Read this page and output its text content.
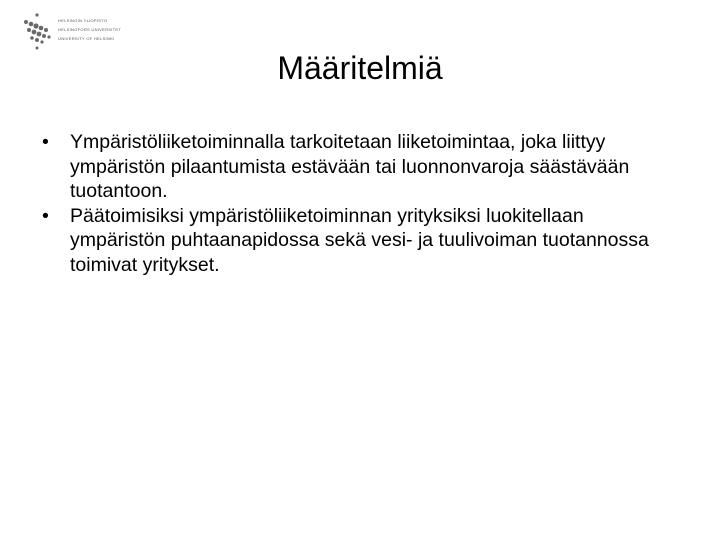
HELSINGIN YLIOPISTO
HELSINGFORS UNIVERSITET
UNIVERSITY OF HELSINKI
Määritelmiä
• Ympäristöliiketoiminnalla tarkoitetaan liiketoimintaa, joka liittyy ympäristön pilaantumista estävään tai luonnonvaroja säästävään tuotantoon.
• Päätoimisiksi ympäristöliiketoiminnan yrityksiksi luokitellaan ympäristön puhtaanapidossa sekä vesi- ja tuulivoiman tuotannossa toimivat yritykset.
